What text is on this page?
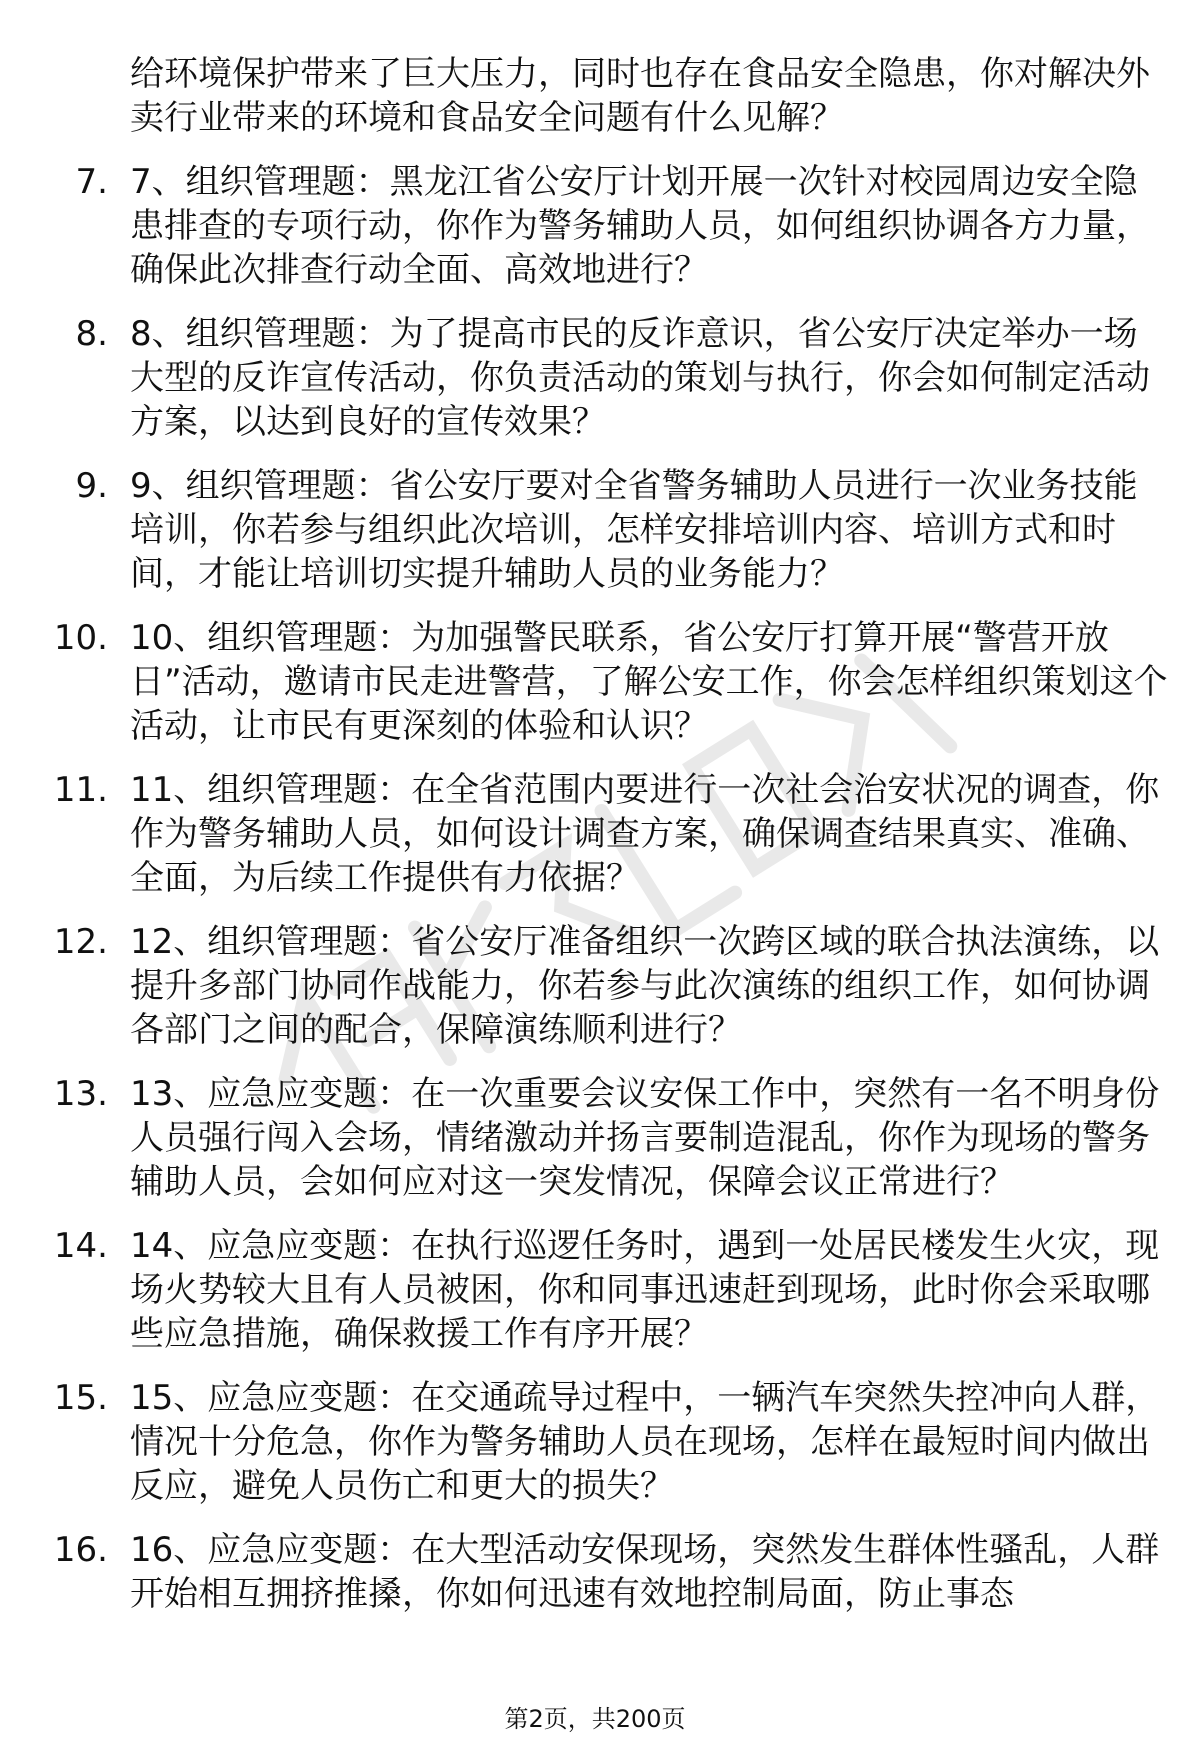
给环境保护带来了巨大压力，同时也存在食品安全隐患，你对解决外卖行业带来的环境和食品安全问题有什么见解？

7. 7、组织管理题：黑龙江省公安厅计划开展一次针对校园周边安全隐患排查的专项行动，你作为警务辅助人员，如何组织协调各方力量，确保此次排查行动全面、高效地进行？
8. 8、组织管理题：为了提高市民的反诈意识，省公安厅决定举办一场大型的反诈宣传活动，你负责活动的策划与执行，你会如何制定活动方案，以达到良好的宣传效果？
9. 9、组织管理题：省公安厅要对全省警务辅助人员进行一次业务技能培训，你若参与组织此次培训，怎样安排培训内容、培训方式和时间，才能让培训切实提升辅助人员的业务能力？
10. 10、组织管理题：为加强警民联系，省公安厅打算开展“警营开放日”活动，邀请市民走进警营，了解公安工作，你会怎样组织策划这个活动，让市民有更深刻的体验和认识？
11. 11、组织管理题：在全省范围内要进行一次社会治安状况的调查，你作为警务辅助人员，如何设计调查方案，确保调查结果真实、准确、全面，为后续工作提供有力依据？
12. 12、组织管理题：省公安厅准备组织一次跨区域的联合执法演练，以提升多部门协同作战能力，你若参与此次演练的组织工作，如何协调各部门之间的配合，保障演练顺利进行？
13. 13、应急应变题：在一次重要会议安保工作中，突然有一名不明身份人员强行闯入会场，情绪激动并扬言要制造混乱，你作为现场的警务辅助人员，会如何应对这一突发情况，保障会议正常进行？
14. 14、应急应变题：在执行巡逻任务时，遇到一处居民楼发生火灾，现场火势较大且有人员被困，你和同事迅速赶到现场，此时你会采取哪些应急措施，确保救援工作有序开展？
15. 15、应急应变题：在交通疏导过程中，一辆汽车突然失控冲向人群，情况十分危急，你作为警务辅助人员在现场，怎样在最短时间内做出反应，避免人员伤亡和更大的损失？
16. 16、应急应变题：在大型活动安保现场，突然发生群体性骚乱，人群开始相互拥挤推搡，你如何迅速有效地控制局面，防止事态
第2页，共200页
